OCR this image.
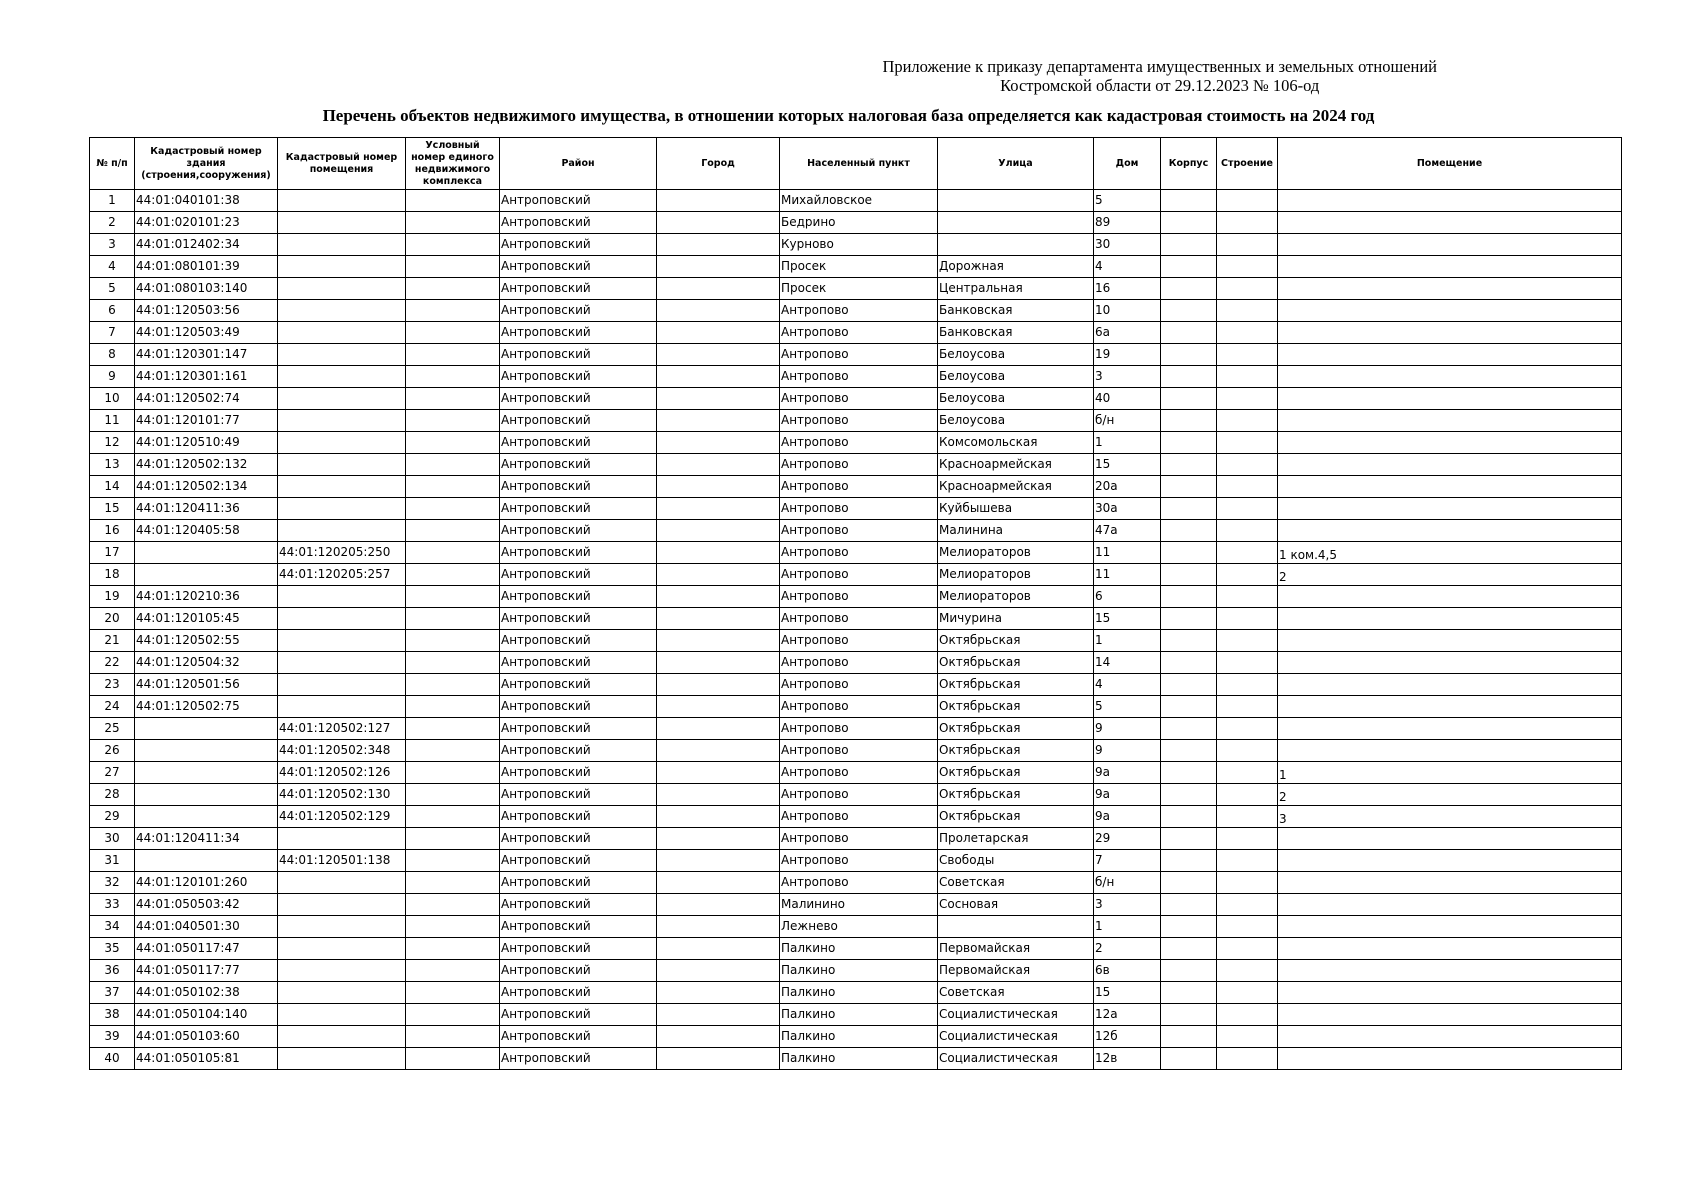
Приложение к приказу департамента имущественных и земельных отношений
Костромской области от 29.12.2023 № 106-од
Перечень объектов недвижимого имущества, в отношении которых налоговая база определяется как кадастровая стоимость на 2024 год
№ п/п	Кадастровый номер здания (строения,сооружения)	Кадастровый номер помещения	Условный номер единого недвижимого комплекса	Район	Город	Населенный пункт	Улица	Дом	Корпус	Строение	Помещение
1	44:01:040101:38			Антроповский		Михайловское		5			
2	44:01:020101:23			Антроповский		Бедрино		89			
3	44:01:012402:34			Антроповский		Курново		30			
4	44:01:080101:39			Антроповский		Просек	Дорожная	4			
5	44:01:080103:140			Антроповский		Просек	Центральная	16			
6	44:01:120503:56			Антроповский		Антропово	Банковская	10			
7	44:01:120503:49			Антроповский		Антропово	Банковская	6а			
8	44:01:120301:147			Антроповский		Антропово	Белоусова	19			
9	44:01:120301:161			Антроповский		Антропово	Белоусова	3			
10	44:01:120502:74			Антроповский		Антропово	Белоусова	40			
11	44:01:120101:77			Антроповский		Антропово	Белоусова	б/н			
12	44:01:120510:49			Антроповский		Антропово	Комсомольская	1			
13	44:01:120502:132			Антроповский		Антропово	Красноармейская	15			
14	44:01:120502:134			Антроповский		Антропово	Красноармейская	20а			
15	44:01:120411:36			Антроповский		Антропово	Куйбышева	30а			
16	44:01:120405:58			Антроповский		Антропово	Малинина	47а			
17		44:01:120205:250		Антроповский		Антропово	Мелиораторов	11			1 ком.4,5
18		44:01:120205:257		Антроповский		Антропово	Мелиораторов	11			2
19	44:01:120210:36			Антроповский		Антропово	Мелиораторов	6			
20	44:01:120105:45			Антроповский		Антропово	Мичурина	15			
21	44:01:120502:55			Антроповский		Антропово	Октябрьская	1			
22	44:01:120504:32			Антроповский		Антропово	Октябрьская	14			
23	44:01:120501:56			Антроповский		Антропово	Октябрьская	4			
24	44:01:120502:75			Антроповский		Антропово	Октябрьская	5			
25		44:01:120502:127		Антроповский		Антропово	Октябрьская	9			
26		44:01:120502:348		Антроповский		Антропово	Октябрьская	9			
27		44:01:120502:126		Антроповский		Антропово	Октябрьская	9а			1
28		44:01:120502:130		Антроповский		Антропово	Октябрьская	9а			2
29		44:01:120502:129		Антроповский		Антропово	Октябрьская	9а			3
30	44:01:120411:34			Антроповский		Антропово	Пролетарская	29			
31		44:01:120501:138		Антроповский		Антропово	Свободы	7			
32	44:01:120101:260			Антроповский		Антропово	Советская	б/н			
33	44:01:050503:42			Антроповский		Малинино	Сосновая	3			
34	44:01:040501:30			Антроповский		Лежнево		1			
35	44:01:050117:47			Антроповский		Палкино	Первомайская	2			
36	44:01:050117:77			Антроповский		Палкино	Первомайская	6в			
37	44:01:050102:38			Антроповский		Палкино	Советская	15			
38	44:01:050104:140			Антроповский		Палкино	Социалистическая	12а			
39	44:01:050103:60			Антроповский		Палкино	Социалистическая	12б			
40	44:01:050105:81			Антроповский		Палкино	Социалистическая	12в			
